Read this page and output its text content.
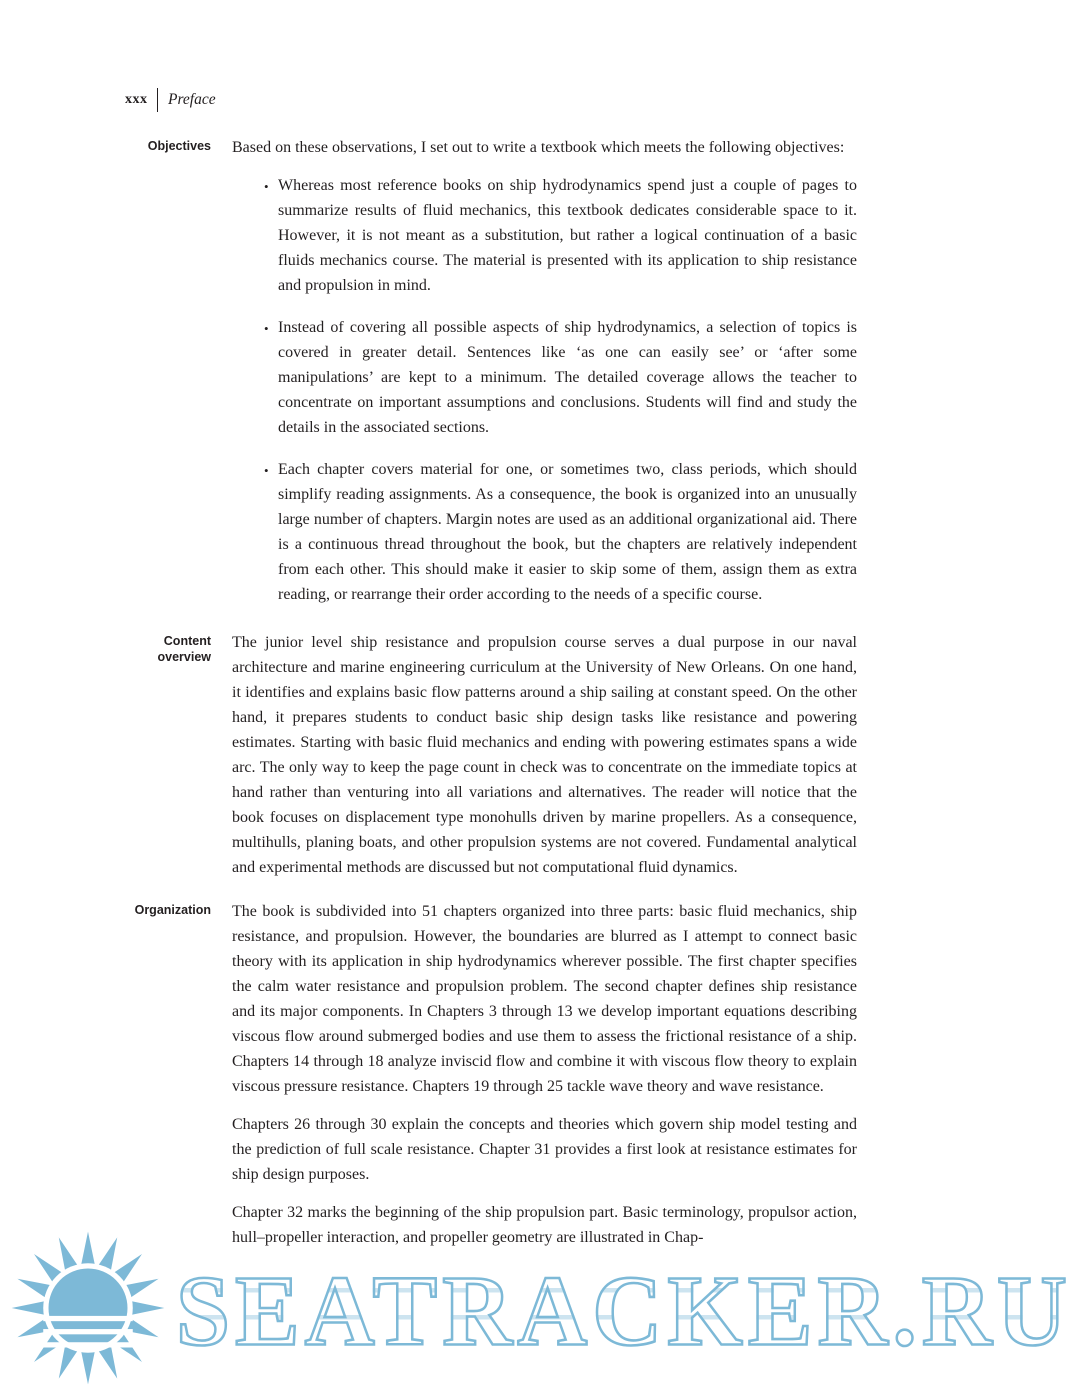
xxx Preface
Objectives	Based on these observations, I set out to write a textbook which meets the following objectives:

• Whereas most reference books on ship hydrodynamics spend just a couple of pages to summarize results of fluid mechanics, this textbook dedicates considerable space to it. However, it is not meant as a substitution, but rather a logical continuation of a basic fluids mechanics course. The material is presented with its application to ship resistance and propulsion in mind.
• Instead of covering all possible aspects of ship hydrodynamics, a selection of topics is covered in greater detail. Sentences like ‘as one can easily see’ or ‘after some manipulations’ are kept to a minimum. The detailed coverage allows the teacher to concentrate on important assumptions and conclusions. Students will find and study the details in the associated sections.
• Each chapter covers material for one, or sometimes two, class periods, which should simplify reading assignments. As a consequence, the book is organized into an unusually large number of chapters. Margin notes are used as an additional organizational aid. There is a continuous thread throughout the book, but the chapters are relatively independent from each other. This should make it easier to skip some of them, assign them as extra reading, or rearrange their order according to the needs of a specific course.
Content overview

The junior level ship resistance and propulsion course serves a dual purpose in our naval architecture and marine engineering curriculum at the University of New Orleans. On one hand, it identifies and explains basic flow patterns around a ship sailing at constant speed. On the other hand, it prepares students to conduct basic ship design tasks like resistance and powering estimates. Starting with basic fluid mechanics and ending with powering estimates spans a wide arc. The only way to keep the page count in check was to concentrate on the immediate topics at hand rather than venturing into all variations and alternatives. The reader will notice that the book focuses on displacement type monohulls driven by marine propellers. As a consequence, multihulls, planing boats, and other propulsion systems are not covered. Fundamental analytical and experimental methods are discussed but not computational fluid dynamics.

Organization	The book is subdivided into 51 chapters organized into three parts: basic fluid mechanics, ship resistance, and propulsion. However, the boundaries are blurred as I attempt to connect basic theory with its application in ship hydrodynamics wherever possible. The first chapter specifies the calm water resistance and propulsion problem. The second chapter defines ship resistance and its major components. In Chapters 3 through 13 we develop important equations describing viscous flow around submerged bodies and use them to assess the frictional resistance of a ship. Chapters 14 through 18 analyze inviscid flow and combine it with viscous flow theory to explain viscous pressure resistance. Chapters 19 through 25 tackle wave theory and wave resistance.

Chapters 26 through 30 explain the concepts and theories which govern ship model testing and the prediction of full scale resistance. Chapter 31 provides a first look at resistance estimates for ship design purposes.

Chapter 32 marks the beginning of the ship propulsion part. Basic terminology, propulsor action, hull–propeller interaction, and propeller geometry are illustrated in Chap-

SEATRACKER.RU
